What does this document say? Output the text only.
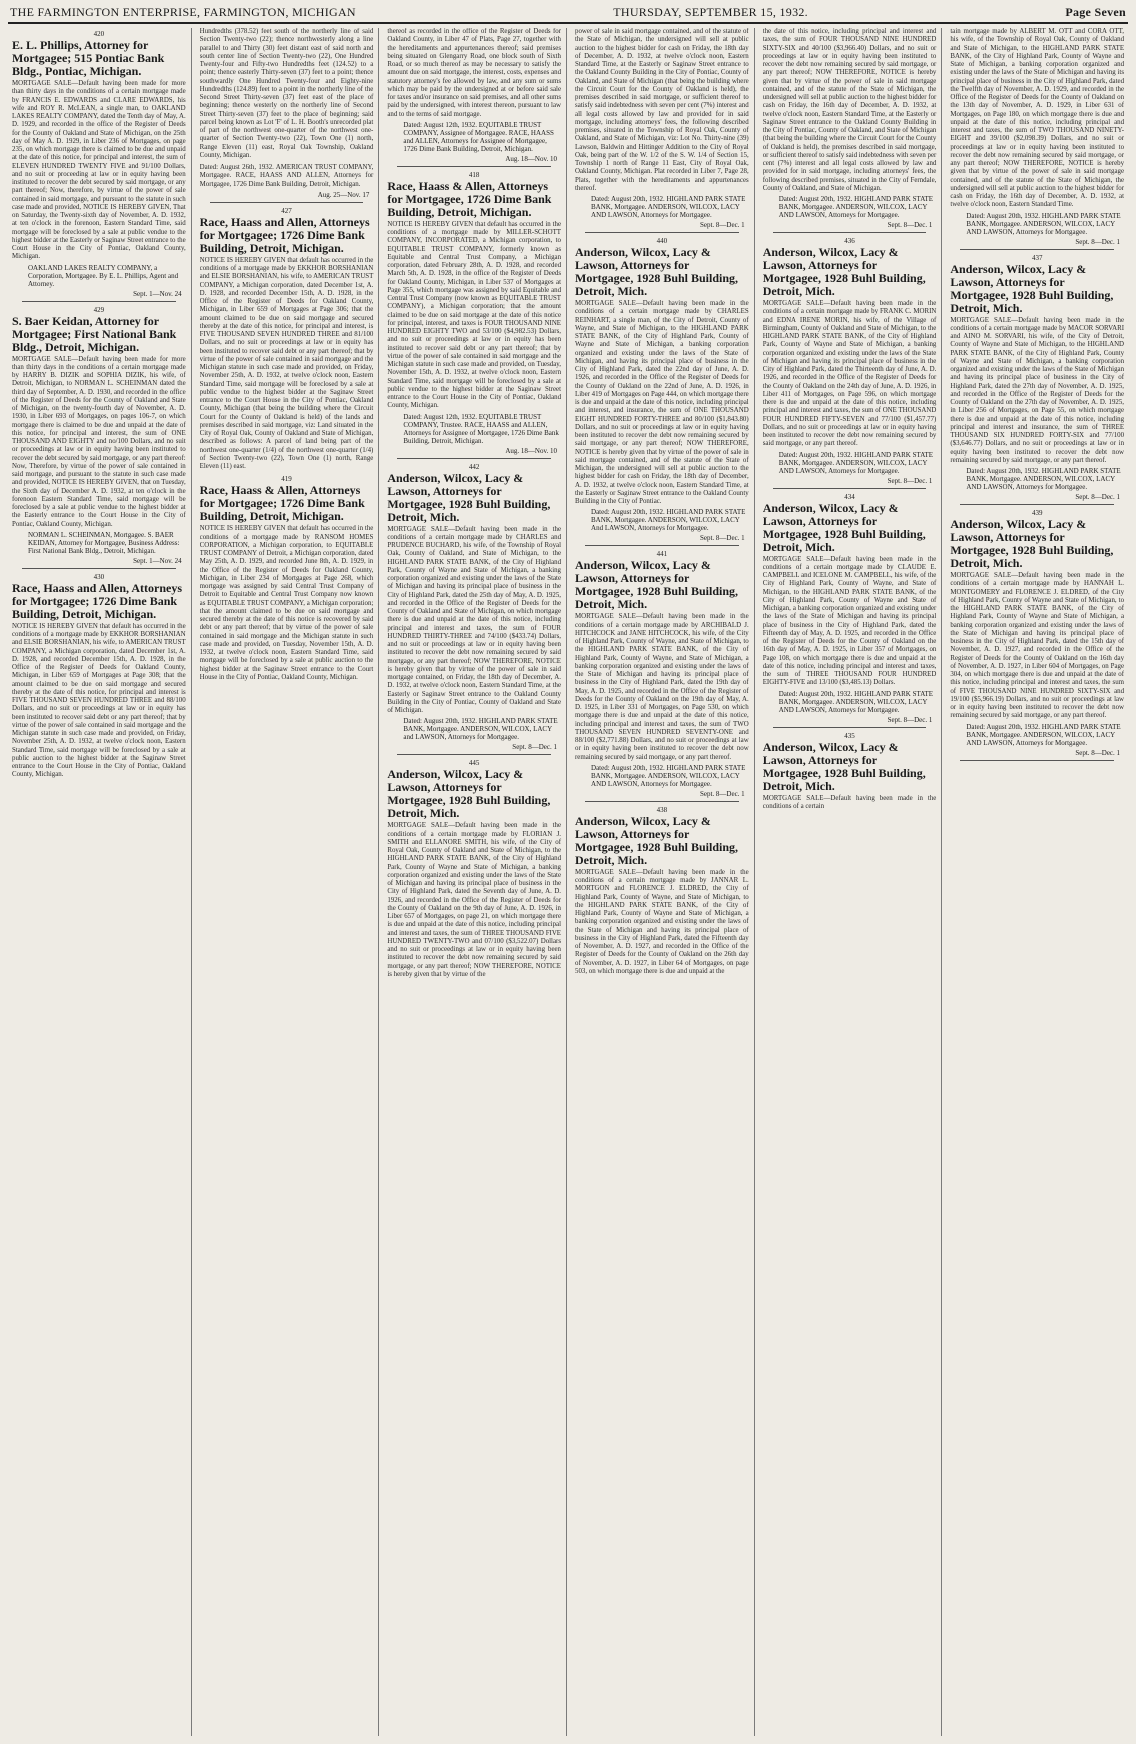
THE FARMINGTON ENTERPRISE, FARMINGTON, MICHIGAN	THURSDAY, SEPTEMBER 15, 1932.	Page Seven
420
E. L. Phillips, Attorney for Mortgagee; 515 Pontiac Bank Bldg., Pontiac, Michigan.
MORTGAGE SALE—Default having been made for more than thirty days in the conditions of a certain mortgage made by FRANCIS E. EDWARDS and CLARE EDWARDS, his wife and ROY R. McLEAN, a single man, to OAKLAND LAKES REALTY COMPANY, dated the Tenth day of May, A. D. 1929, and recorded in the office of the Register of Deeds for the County of Oakland and State of Michigan, on the 25th day of May A. D. 1929, in Liber 236 of Mortgages, on page 235, on which mortgage there is claimed to be due and unpaid at the date of this notice, for principal and interest, the sum of ELEVEN HUNDRED TWENTY FIVE and 91/100 Dollars, and no suit or proceeding at law or in equity having been instituted to recover the debt secured by said mortgage, or any part thereof; Now, therefore, by virtue of the power of sale contained in said mortgage, and pursuant to the statute in such case made and provided, NOTICE IS HEREBY GIVEN, That on Saturday, the Twenty-sixth day of November, A. D. 1932, at ten o'clock in the forenoon, Eastern Standard Time, said mortgage will be foreclosed by a sale at public vendue to the highest bidder at the Easterly or Saginaw Street entrance to the Court House in the City of Pontiac, Oakland County, Michigan.
OAKLAND LAKES REALTY COMPANY, a Corporation, Mortgagee. By E. L. Phillips, Agent and Attorney.
Sept. 1—Nov. 24
429
S. Baer Keidan, Attorney for Mortgagee; First National Bank Bldg., Detroit, Michigan.
MORTGAGE SALE—Default having been made for more than thirty days in the conditions of a certain mortgage made by HARRY B. DIZIK and SOPHIA DIZIK, his wife, of Detroit, Michigan, to NORMAN L. SCHEINMAN dated the third day of September, A. D. 1930, and recorded in the office of the Register of Deeds for the County of Oakland and State of Michigan, on the twenty-fourth day of November, A. D. 1930, in Liber 693 of Mortgages, on pages 106-7, on which mortgage there is claimed to be due and unpaid at the date of this notice, for principal and interest, the sum of ONE THOUSAND AND EIGHTY and no/100 Dollars, and no suit or proceedings at law or in equity having been instituted to recover the debt secured by said mortgage, or any part thereof: Now, Therefore, by virtue of the power of sale contained in said mortgage, and pursuant to the statute in such case made and provided, NOTICE IS HEREBY GIVEN, that on Tuesday, the Sixth day of December A. D. 1932, at ten o'clock in the forenoon Eastern Standard Time, said mortgage will be foreclosed by a sale at public vendue to the highest bidder at the Easterly entrance to the Court House in the City of Pontiac, Oakland County, Michigan.
NORMAN L. SCHEINMAN, Mortgagee. S. BAER KEIDAN, Attorney for Mortgagee, Business Address: First National Bank Bldg., Detroit, Michigan.
Sept. 1—Nov. 24
430
Race, Haass and Allen, Attorneys for Mortgagee; 1726 Dime Bank Building, Detroit, Michigan.
NOTICE IS HEREBY GIVEN that default has occurred in the conditions of a mortgage made by EKKHOR BORSHANIAN and ELSIE BORSHANIAN, his wife, to AMERICAN TRUST COMPANY, a Michigan corporation, dated December 1st, A. D. 1928, and recorded December 15th, A. D. 1928, in the Office of the Register of Deeds for Oakland County, Michigan, in Liber 659 of Mortgages at Page 308; that the amount claimed to be due on said mortgage and secured thereby at the date of this notice, for principal and interest is FIVE THOUSAND SEVEN HUNDRED THREE and 88/100 Dollars, and no suit or proceedings at law or in equity has been instituted to recover said debt or any part thereof; that by virtue of the power of sale contained in said mortgage and the Michigan statute in such case made and provided, on Friday, November 25th, A. D. 1932, at twelve o'clock noon, Eastern Standard Time, said mortgage will be foreclosed by a sale at public auction to the highest bidder at the Saginaw Street entrance to the Court House in the City of Pontiac, Oakland County, Michigan.
Hundredths (378.52) feet south of the northerly line of said Section Twenty-two (22); thence northwesterly along a line parallel to and Thirty (30) feet distant east of said north and south center line of Section Twenty-two (22), One Hundred Twenty-four and Fifty-two Hundredths feet (124.52) to a point; thence easterly Thirty-seven (37) feet to a point; thence southwardly One Hundred Twenty-four and Eighty-nine Hundredths (124.89) feet to a point in the northerly line of the Second Street Thirty-seven (37) feet east of the place of beginning; thence westerly on the northerly line of Second Street Thirty-seven (37) feet to the place of beginning; said parcel being known as Lot 'F' of L. H. Booth's unrecorded plat of part of the northwest one-quarter of the northwest one-quarter of Section Twenty-two (22), Town One (1) north, Range Eleven (11) east, Royal Oak Township, Oakland County, Michigan.
Dated: August 26th, 1932. AMERICAN TRUST COMPANY, Mortgagee. RACE, HAASS AND ALLEN, Attorneys for Mortgagee, 1726 Dime Bank Building, Detroit, Michigan.
Aug. 25—Nov. 17
427
Race, Haass and Allen, Attorneys for Mortgagee; 1726 Dime Bank Building, Detroit, Michigan.
NOTICE IS HEREBY GIVEN that default has occurred in the conditions of a mortgage made by EKKHOR BORSHANIAN and ELSIE BORSHANIAN, his wife, to AMERICAN TRUST COMPANY, a Michigan corporation, dated December 1st, A. D. 1928, and recorded December 15th, A. D. 1928, in the Office of the Register of Deeds for Oakland County, Michigan, in Liber 659 of Mortgages at Page 306; that the amount claimed to be due on said mortgage and secured thereby at the date of this notice, for principal and interest, is FIVE THOUSAND SEVEN HUNDRED THREE and 81/100 Dollars, and no suit or proceedings at law or in equity has been instituted to recover said debt or any part thereof; that by virtue of the power of sale contained in said mortgage and the Michigan statute in such case made and provided, on Friday, November 25th, A. D. 1932, at twelve o'clock noon, Eastern Standard Time, said mortgage will be foreclosed by a sale at public vendue to the highest bidder at the Saginaw Street entrance to the Court House in the City of Pontiac, Oakland County, Michigan (that being the building where the Circuit Court for the County of Oakland is held) of the lands and premises described in said mortgage, viz: Land situated in the City of Royal Oak, County of Oakland and State of Michigan, described as follows: A parcel of land being part of the northwest one-quarter (1/4) of the northwest one-quarter (1/4) of Section Twenty-two (22), Town One (1) north, Range Eleven (11) east.
419
Race, Haass & Allen, Attorneys for Mortgagee; 1726 Dime Bank Building, Detroit, Michigan.
NOTICE IS HEREBY GIVEN that default has occurred in the conditions of a mortgage made by RANSOM HOMES CORPORATION, a Michigan corporation, to EQUITABLE TRUST COMPANY of Detroit, a Michigan corporation, dated May 25th, A. D. 1929, and recorded June 8th, A. D. 1929, in the Office of the Register of Deeds for Oakland County, Michigan, in Liber 234 of Mortgages at Page 268, which mortgage was assigned by said Central Trust Company of Detroit to Equitable and Central Trust Company now known as EQUITABLE TRUST COMPANY, a Michigan corporation; that the amount claimed to be due on said mortgage and secured thereby at the date of this notice is recovered by said debt or any part thereof; that by virtue of the power of sale contained in said mortgage and the Michigan statute in such case made and provided, on Tuesday, November 15th, A. D. 1932, at twelve o'clock noon, Eastern Standard Time, said mortgage will be foreclosed by a sale at public auction to the highest bidder at the Saginaw Street entrance to the Court House in the City of Pontiac, Oakland County, Michigan.
thereof as recorded in the office of the Register of Deeds for Oakland County, in Liber 47 of Plats, Page 27, together with the hereditaments and appurtenances thereof; said premises being situated on Glengarry Road, one block south of Sixth Road, or so much thereof as may be necessary to satisfy the amount due on said mortgage, the interest, costs, expenses and statutory attorney's fee allowed by law, and any sum or sums which may be paid by the undersigned at or before said sale for taxes and/or insurance on said premises, and all other sums paid by the undersigned, with interest thereon, pursuant to law and to the terms of said mortgage.
Dated: August 12th, 1932. EQUITABLE TRUST COMPANY, Assignee of Mortgagee. RACE, HAASS and ALLEN, Attorneys for Assignee of Mortgagee, 1726 Dime Bank Building, Detroit, Michigan.
Aug. 18—Nov. 10
418
Race, Haass & Allen, Attorneys for Mortgagee, 1726 Dime Bank Building, Detroit, Michigan.
NOTICE IS HEREBY GIVEN that default has occurred in the conditions of a mortgage made by MILLER-SCHOTT COMPANY, INCORPORATED, a Michigan corporation, to EQUITABLE TRUST COMPANY, formerly known as Equitable and Central Trust Company, a Michigan corporation, dated February 28th, A. D. 1928, and recorded March 5th, A. D. 1928, in the office of the Register of Deeds for Oakland County, Michigan, in Liber 537 of Mortgages at Page 355, which mortgage was assigned by said Equitable and Central Trust Company (now known as EQUITABLE TRUST COMPANY), a Michigan corporation; that the amount claimed to be due on said mortgage at the date of this notice for principal, interest, and taxes is FOUR THOUSAND NINE HUNDRED EIGHTY TWO and 53/100 ($4,982.53) Dollars, and no suit or proceedings at law or in equity has been instituted to recover said debt or any part thereof; that by virtue of the power of sale contained in said mortgage and the Michigan statute in such case made and provided, on Tuesday, November 15th, A. D. 1932, at twelve o'clock noon, Eastern Standard Time, said mortgage will be foreclosed by a sale at public vendue to the highest bidder at the Saginaw Street entrance to the Court House in the City of Pontiac, Oakland County, Michigan.
Dated: August 12th, 1932. EQUITABLE TRUST COMPANY, Trustee. RACE, HAASS and ALLEN, Attorneys for Assignee of Mortgagee, 1726 Dime Bank Building, Detroit, Michigan.
Aug. 18—Nov. 10
442
Anderson, Wilcox, Lacy & Lawson, Attorneys for Mortgagee, 1928 Buhl Building, Detroit, Mich.
MORTGAGE SALE—Default having been made in the conditions of a certain mortgage made by CHARLES and PRUDENCE BUCHARD, his wife, of the Township of Royal Oak, County of Oakland, and State of Michigan, to the HIGHLAND PARK STATE BANK, of the City of Highland Park, County of Wayne and State of Michigan, a banking corporation organized and existing under the laws of the State of Michigan and having its principal place of business in the City of Highland Park, dated the 25th day of May, A. D. 1925, and recorded in the Office of the Register of Deeds for the County of Oakland and State of Michigan, on which mortgage there is due and unpaid at the date of this notice, including principal and interest and taxes, the sum of FOUR HUNDRED THIRTY-THREE and 74/100 ($433.74) Dollars, and no suit or proceedings at law or in equity having been instituted to recover the debt now remaining secured by said mortgage, or any part thereof; NOW THEREFORE, NOTICE is hereby given that by virtue of the power of sale in said mortgage contained, on Friday, the 18th day of December, A. D. 1932, at twelve o'clock noon, Eastern Standard Time, at the Easterly or Saginaw Street entrance to the Oakland County Building in the City of Pontiac, County of Oakland and State of Michigan.
Dated: August 20th, 1932. HIGHLAND PARK STATE BANK, Mortgagee. ANDERSON, WILCOX, LACY and LAWSON, Attorneys for Mortgagee.
Sept. 8—Dec. 1
445
Anderson, Wilcox, Lacy & Lawson, Attorneys for Mortgagee, 1928 Buhl Building, Detroit, Mich.
MORTGAGE SALE—Default having been made in the conditions of a certain mortgage made by FLORIAN J. SMITH and ELLANORE SMITH, his wife, of the City of Royal Oak, County of Oakland and State of Michigan, to the HIGHLAND PARK STATE BANK, of the City of Highland Park, County of Wayne and State of Michigan, a banking corporation organized and existing under the laws of the State of Michigan and having its principal place of business in the City of Highland Park, dated the Seventh day of June, A. D. 1926, and recorded in the Office of the Register of Deeds for the County of Oakland on the 9th day of June, A. D. 1926, in Liber 657 of Mortgages, on page 21, on which mortgage there is due and unpaid at the date of this notice, including principal and interest and taxes, the sum of THREE THOUSAND FIVE HUNDRED TWENTY-TWO and 07/100 ($3,522.07) Dollars and no suit or proceedings at law or in equity having been instituted to recover the debt now remaining secured by said mortgage, or any part thereof; NOW THEREFORE, NOTICE is hereby given that by virtue of the
power of sale in said mortgage contained, and of the statute of the State of Michigan, the undersigned will sell at public auction to the highest bidder for cash on Friday, the 18th day of December, A. D. 1932, at twelve o'clock noon, Eastern Standard Time, at the Easterly or Saginaw Street entrance to the Oakland County Building in the City of Pontiac, County of Oakland, and State of Michigan (that being the building where the Circuit Court for the County of Oakland is held), the premises described in said mortgage, or sufficient thereof to satisfy said indebtedness with seven per cent (7%) interest and all legal costs allowed by law and provided for in said mortgage, including attorneys' fees, the following described premises, situated in the Township of Royal Oak, County of Oakland, and State of Michigan, viz: Lot No. Thirty-nine (39) Lawson, Baldwin and Hittinger Addition to the City of Royal Oak, being part of the W. 1/2 of the S. W. 1/4 of Section 15, Township 1 north of Range 11 East, City of Royal Oak, Oakland County, Michigan. Plat recorded in Liber 7, Page 28, Plats, together with the hereditaments and appurtenances thereof.
Dated: August 20th, 1932. HIGHLAND PARK STATE BANK, Mortgagee. ANDERSON, WILCOX, LACY AND LAWSON, Attorneys for Mortgagee.
Sept. 8—Dec. 1
440
Anderson, Wilcox, Lacy & Lawson, Attorneys for Mortgagee, 1928 Buhl Building, Detroit, Mich.
MORTGAGE SALE—Default having been made in the conditions of a certain mortgage made by CHARLES REINHART, a single man, of the City of Detroit, County of Wayne, and State of Michigan, to the HIGHLAND PARK STATE BANK, of the City of Highland Park, County of Wayne and State of Michigan, a banking corporation organized and existing under the laws of the State of Michigan, and having its principal place of business in the City of Highland Park, dated the 22nd day of June, A. D. 1926, and recorded in the Office of the Register of Deeds for the County of Oakland on the 22nd of June, A. D. 1926, in Liber 419 of Mortgages on Page 444, on which mortgage there is due and unpaid at the date of this notice, including principal and interest, and insurance, the sum of ONE THOUSAND EIGHT HUNDRED FORTY-THREE and 80/100 ($1,843.80) Dollars, and no suit or proceedings at law or in equity having been instituted to recover the debt now remaining secured by said mortgage, or any part thereof; NOW THEREFORE, NOTICE is hereby given that by virtue of the power of sale in said mortgage contained, and of the statute of the State of Michigan, the undersigned will sell at public auction to the highest bidder for cash on Friday, the 18th day of December, A. D. 1932, at twelve o'clock noon, Eastern Standard Time, at the Easterly or Saginaw Street entrance to the Oakland County Building in the City of Pontiac.
Dated: August 20th, 1932. HIGHLAND PARK STATE BANK, Mortgagee. ANDERSON, WILCOX, LACY And LAWSON, Attorneys for Mortgagee.
Sept. 8—Dec. 1
441
Anderson, Wilcox, Lacy & Lawson, Attorneys for Mortgagee, 1928 Buhl Building, Detroit, Mich.
MORTGAGE SALE—Default having been made in the conditions of a certain mortgage made by ARCHIBALD J. HITCHCOCK and JANE HITCHCOCK, his wife, of the City of Highland Park, County of Wayne, and State of Michigan, to the HIGHLAND PARK STATE BANK, of the City of Highland Park, County of Wayne, and State of Michigan, a banking corporation organized and existing under the laws of the State of Michigan and having its principal place of business in the City of Highland Park, dated the 19th day of May, A. D. 1925, and recorded in the Office of the Register of Deeds for the County of Oakland on the 19th day of May, A. D. 1925, in Liber 331 of Mortgages, on Page 530, on which mortgage there is due and unpaid at the date of this notice, including principal and interest and taxes, the sum of TWO THOUSAND SEVEN HUNDRED SEVENTY-ONE and 88/100 ($2,771.88) Dollars, and no suit or proceedings at law or in equity having been instituted to recover the debt now remaining secured by said mortgage, or any part thereof.
Dated: August 20th, 1932. HIGHLAND PARK STATE BANK, Mortgagee. ANDERSON, WILCOX, LACY AND LAWSON, Attorneys for Mortgagee.
Sept. 8—Dec. 1
438
Anderson, Wilcox, Lacy & Lawson, Attorneys for Mortgagee, 1928 Buhl Building, Detroit, Mich.
MORTGAGE SALE—Default having been made in the conditions of a certain mortgage made by JANNAR L. MORTGON and FLORENCE J. ELDRED, the City of Highland Park, County of Wayne, and State of Michigan, to the HIGHLAND PARK STATE BANK, of the City of Highland Park, County of Wayne and State of Michigan, a banking corporation organized and existing under the laws of the State of Michigan and having its principal place of business in the City of Highland Park, dated the Fifteenth day of November, A. D. 1927, and recorded in the Office of the Register of Deeds for the County of Oakland on the 26th day of November, A. D. 1927, in Liber 64 of Mortgages, on page 503, on which mortgage there is due and unpaid at the
the date of this notice, including principal and interest and taxes, the sum of FOUR THOUSAND NINE HUNDRED SIXTY-SIX and 40/100 ($3,966.40) Dollars, and no suit or proceedings at law or in equity having been instituted to recover the debt now remaining secured by said mortgage, or any part thereof; NOW THEREFORE, NOTICE is hereby given that by virtue of the power of sale in said mortgage contained, and of the statute of the State of Michigan, the undersigned will sell at public auction to the highest bidder for cash on Friday, the 16th day of December, A. D. 1932, at twelve o'clock noon, Eastern Standard Time, at the Easterly or Saginaw Street entrance to the Oakland County Building in the City of Pontiac, County of Oakland, and State of Michigan (that being the building where the Circuit Court for the County of Oakland is held), the premises described in said mortgage, or sufficient thereof to satisfy said indebtedness with seven per cent (7%) interest and all legal costs allowed by law and provided for in said mortgage, including attorneys' fees, the following described premises, situated in the City of Ferndale, County of Oakland, and State of Michigan.
Dated: August 20th, 1932. HIGHLAND PARK STATE BANK, Mortgagee. ANDERSON, WILCOX, LACY AND LAWSON, Attorneys for Mortgagee.
Sept. 8—Dec. 1
436
Anderson, Wilcox, Lacy & Lawson, Attorneys for Mortgagee, 1928 Buhl Building, Detroit, Mich.
MORTGAGE SALE—Default having been made in the conditions of a certain mortgage made by FRANK C. MORIN and EDNA IRENE MORIN, his wife, of the Village of Birmingham, County of Oakland and State of Michigan, to the HIGHLAND PARK STATE BANK, of the City of Highland Park, County of Wayne and State of Michigan, a banking corporation organized and existing under the laws of the State of Michigan and having its principal place of business in the City of Highland Park, dated the Thirteenth day of June, A. D. 1926, and recorded in the Office of the Register of Deeds for the County of Oakland on the 24th day of June, A. D. 1926, in Liber 411 of Mortgages, on Page 596, on which mortgage there is due and unpaid at the date of this notice, including principal and interest and taxes, the sum of ONE THOUSAND FOUR HUNDRED FIFTY-SEVEN and 77/100 ($1,457.77) Dollars, and no suit or proceedings at law or in equity having been instituted to recover the debt now remaining secured by said mortgage, or any part thereof.
Dated: August 20th, 1932. HIGHLAND PARK STATE BANK, Mortgagee. ANDERSON, WILCOX, LACY AND LAWSON, Attorneys for Mortgagee.
Sept. 8—Dec. 1
434
Anderson, Wilcox, Lacy & Lawson, Attorneys for Mortgagee, 1928 Buhl Building, Detroit, Mich.
MORTGAGE SALE—Default having been made in the conditions of a certain mortgage made by CLAUDE E. CAMPBELL and ICELONE M. CAMPBELL, his wife, of the City of Highland Park, County of Wayne, and State of Michigan, to the HIGHLAND PARK STATE BANK, of the City of Highland Park, County of Wayne and State of Michigan, a banking corporation organized and existing under the laws of the State of Michigan and having its principal place of business in the City of Highland Park, dated the Fifteenth day of May, A. D. 1925, and recorded in the Office of the Register of Deeds for the County of Oakland on the 16th day of May, A. D. 1925, in Liber 357 of Mortgages, on Page 108, on which mortgage there is due and unpaid at the date of this notice, including principal and interest and taxes, the sum of THREE THOUSAND FOUR HUNDRED EIGHTY-FIVE and 13/100 ($3,485.13) Dollars.
Dated: August 20th, 1932. HIGHLAND PARK STATE BANK, Mortgagee. ANDERSON, WILCOX, LACY AND LAWSON, Attorneys for Mortgagee.
Sept. 8—Dec. 1
435
Anderson, Wilcox, Lacy & Lawson, Attorneys for Mortgagee, 1928 Buhl Building, Detroit, Mich.
MORTGAGE SALE—Default having been made in the conditions of a certain
tain mortgage made by ALBERT M. OTT and CORA OTT, his wife, of the Township of Royal Oak, County of Oakland and State of Michigan, to the HIGHLAND PARK STATE BANK, of the City of Highland Park, County of Wayne and State of Michigan, a banking corporation organized and existing under the laws of the State of Michigan and having its principal place of business in the City of Highland Park, dated the Twelfth day of November, A. D. 1929, and recorded in the Office of the Register of Deeds for the County of Oakland on the 13th day of November, A. D. 1929, in Liber 631 of Mortgages, on Page 180, on which mortgage there is due and unpaid at the date of this notice, including principal and interest and taxes, the sum of TWO THOUSAND NINETY-EIGHT and 39/100 ($2,098.39) Dollars, and no suit or proceedings at law or in equity having been instituted to recover the debt now remaining secured by said mortgage, or any part thereof; NOW THEREFORE, NOTICE is hereby given that by virtue of the power of sale in said mortgage contained, and of the statute of the State of Michigan, the undersigned will sell at public auction to the highest bidder for cash on Friday, the 16th day of December, A. D. 1932, at twelve o'clock noon, Eastern Standard Time.
Dated: August 20th, 1932. HIGHLAND PARK STATE BANK, Mortgagee. ANDERSON, WILCOX, LACY AND LAWSON, Attorneys for Mortgagee.
Sept. 8—Dec. 1
437
Anderson, Wilcox, Lacy & Lawson, Attorneys for Mortgagee, 1928 Buhl Building, Detroit, Mich.
MORTGAGE SALE—Default having been made in the conditions of a certain mortgage made by MACOR SORVARI and AINO M. SORVARI, his wife, of the City of Detroit, County of Wayne and State of Michigan, to the HIGHLAND PARK STATE BANK, of the City of Highland Park, County of Wayne and State of Michigan, a banking corporation organized and existing under the laws of the State of Michigan and having its principal place of business in the City of Highland Park, dated the 27th day of November, A. D. 1925, and recorded in the Office of the Register of Deeds for the County of Oakland on the 27th day of November, A. D. 1925, in Liber 256 of Mortgages, on Page 55, on which mortgage there is due and unpaid at the date of this notice, including principal and interest and insurance, the sum of THREE THOUSAND SIX HUNDRED FORTY-SIX and 77/100 ($3,646.77) Dollars, and no suit or proceedings at law or in equity having been instituted to recover the debt now remaining secured by said mortgage, or any part thereof.
Dated: August 20th, 1932. HIGHLAND PARK STATE BANK, Mortgagee. ANDERSON, WILCOX, LACY AND LAWSON, Attorneys for Mortgagee.
Sept. 8—Dec. 1
439
Anderson, Wilcox, Lacy & Lawson, Attorneys for Mortgagee, 1928 Buhl Building, Detroit, Mich.
MORTGAGE SALE—Default having been made in the conditions of a certain mortgage made by HANNAH L. MONTGOMERY and FLORENCE J. ELDRED, of the City of Highland Park, County of Wayne and State of Michigan, to the HIGHLAND PARK STATE BANK, of the City of Highland Park, County of Wayne and State of Michigan, a banking corporation organized and existing under the laws of the State of Michigan and having its principal place of business in the City of Highland Park, dated the 15th day of November, A. D. 1927, and recorded in the Office of the Register of Deeds for the County of Oakland on the 16th day of November, A. D. 1927, in Liber 604 of Mortgages, on Page 304, on which mortgage there is due and unpaid at the date of this notice, including principal and interest and taxes, the sum of FIVE THOUSAND NINE HUNDRED SIXTY-SIX and 19/100 ($5,966.19) Dollars, and no suit or proceedings at law or in equity having been instituted to recover the debt now remaining secured by said mortgage, or any part thereof.
Dated: August 20th, 1932. HIGHLAND PARK STATE BANK, Mortgagee. ANDERSON, WILCOX, LACY AND LAWSON, Attorneys for Mortgagee.
Sept. 8—Dec. 1
